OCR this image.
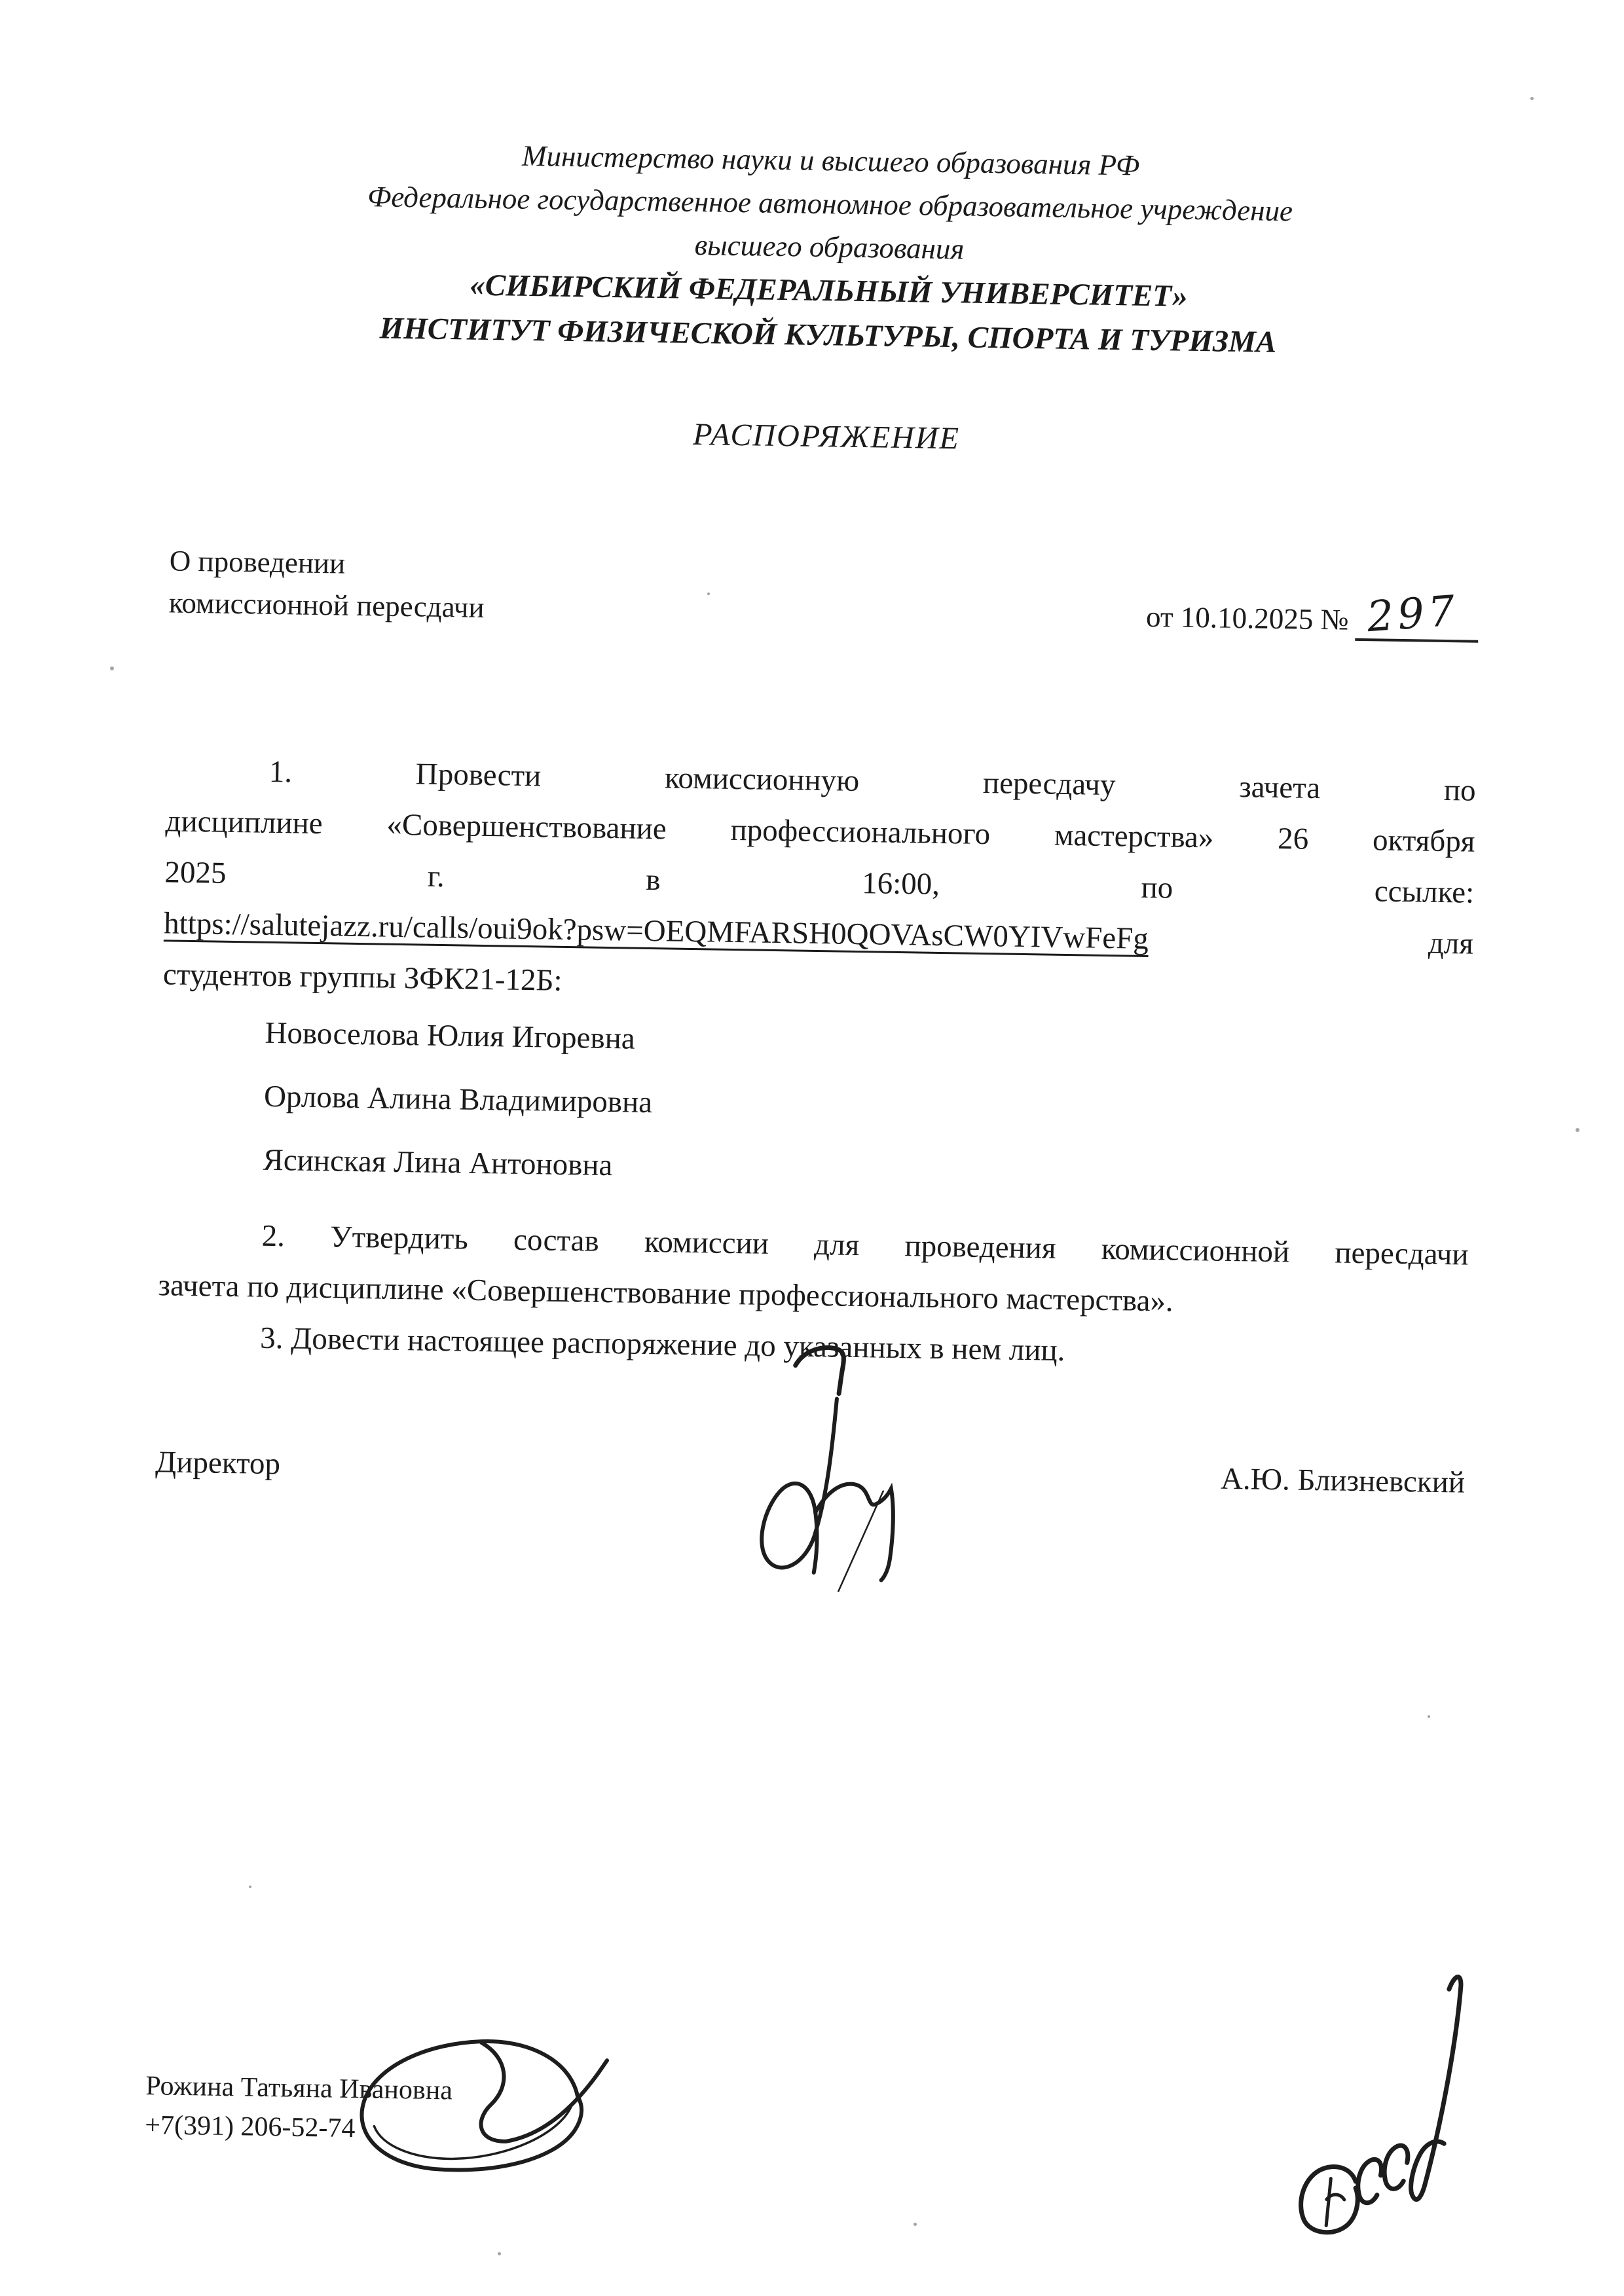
Министерство науки и высшего образования РФ
Федеральное государственное автономное образовательное учреждение
высшего образования
«СИБИРСКИЙ ФЕДЕРАЛЬНЫЙ УНИВЕРСИТЕТ»
ИНСТИТУТ ФИЗИЧЕСКОЙ КУЛЬТУРЫ, СПОРТА И ТУРИЗМА
РАСПОРЯЖЕНИЕ
О проведении
комиссионной пересдачи	от 10.10.2025 № 297
1. Провести комиссионную пересдачу зачета по
дисциплине «Совершенствование профессионального мастерства» 26 октября
2025 г. в 16:00, по ссылке:
https://salutejazz.ru/calls/oui9ok?psw=OEQMFARSH0QOVAsCW0YIVwFeFg	для
студентов группы ЗФК21-12Б:
Новоселова Юлия Игоревна
Орлова Алина Владимировна
Ясинская Лина Антоновна
2. Утвердить состав комиссии для проведения комиссионной пересдачи
зачета по дисциплине «Совершенствование профессионального мастерства».
3. Довести настоящее распоряжение до указанных в нем лиц.
Директор	А.Ю. Близневский
Рожина Татьяна Ивановна
+7(391) 206-52-74
